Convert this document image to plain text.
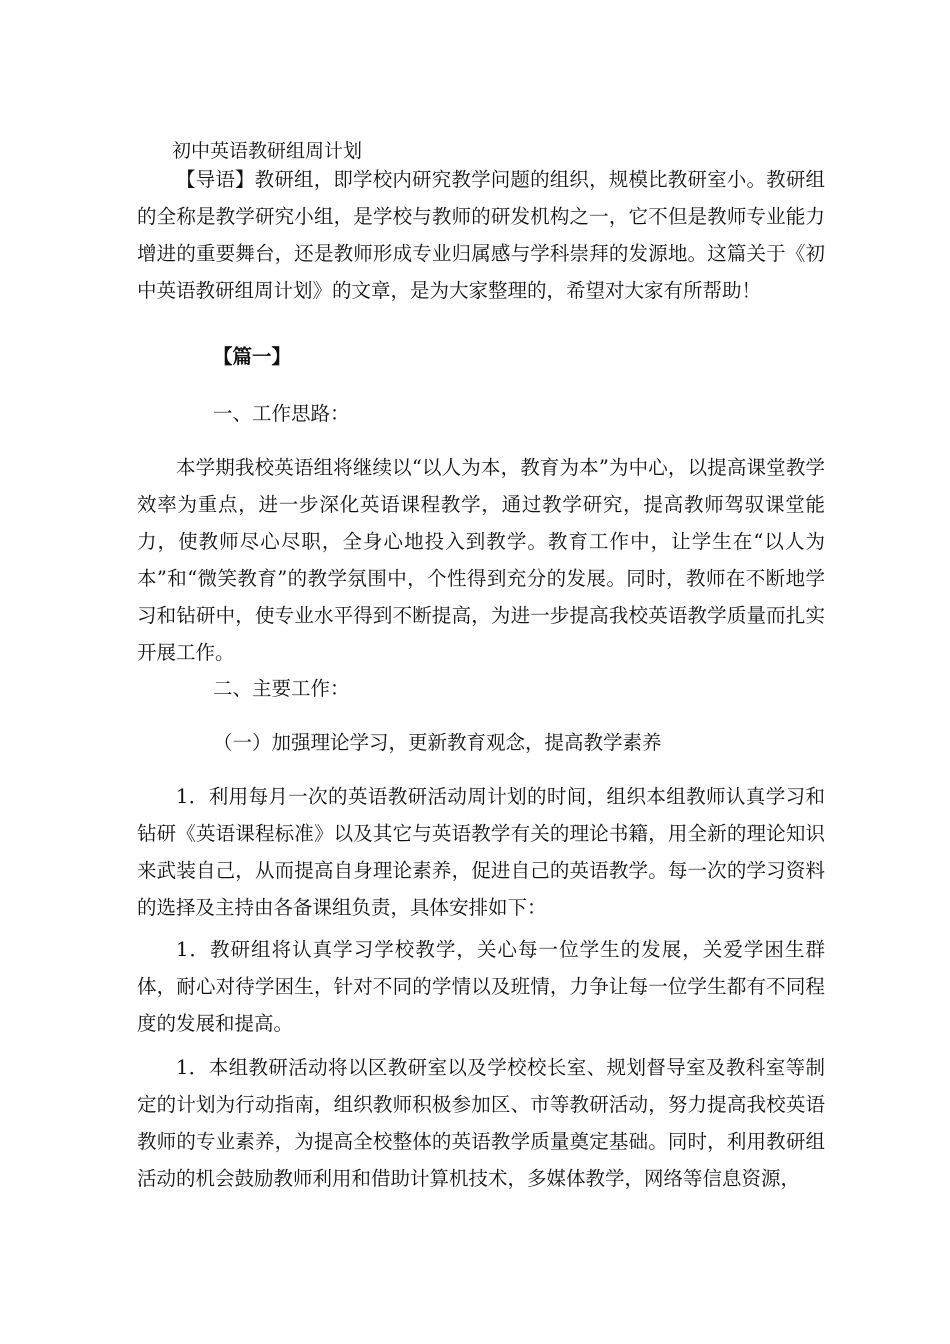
初中英语教研组周计划

【导语】教研组，即学校内研究教学问题的组织，规模比教研室小。教研组的全称是教学研究小组，是学校与教师的研发机构之一，它不但是教师专业能力增进的重要舞台，还是教师形成专业归属感与学科崇拜的发源地。这篇关于《初中英语教研组周计划》的文章，是为大家整理的，希望对大家有所帮助！

【篇一】
一、工作思路：

本学期我校英语组将继续以“以人为本，教育为本”为中心，以提高课堂教学效率为重点，进一步深化英语课程教学，通过教学研究，提高教师驾驭课堂能力，使教师尽心尽职，全身心地投入到教学。教育工作中，让学生在“以人为本”和“微笑教育”的教学氛围中，个性得到充分的发展。同时，教师在不断地学习和钻研中，使专业水平得到不断提高，为进一步提高我校英语教学质量而扎实开展工作。

二、主要工作：
（一）加强理论学习，更新教育观念，提高教学素养

1．利用每月一次的英语教研活动周计划的时间，组织本组教师认真学习和钻研《英语课程标准》以及其它与英语教学有关的理论书籍，用全新的理论知识来武装自己，从而提高自身理论素养，促进自己的英语教学。每一次的学习资料的选择及主持由各备课组负责，具体安排如下：

1．教研组将认真学习学校教学，关心每一位学生的发展，关爱学困生群体，耐心对待学困生，针对不同的学情以及班情，力争让每一位学生都有不同程度的发展和提高。

1．本组教研活动将以区教研室以及学校校长室、规划督导室及教科室等制定的计划为行动指南，组织教师积极参加区、市等教研活动，努力提高我校英语教师的专业素养，为提高全校整体的英语教学质量奠定基础。同时，利用教研组活动的机会鼓励教师利用和借助计算机技术，多媒体教学，网络等信息资源，
